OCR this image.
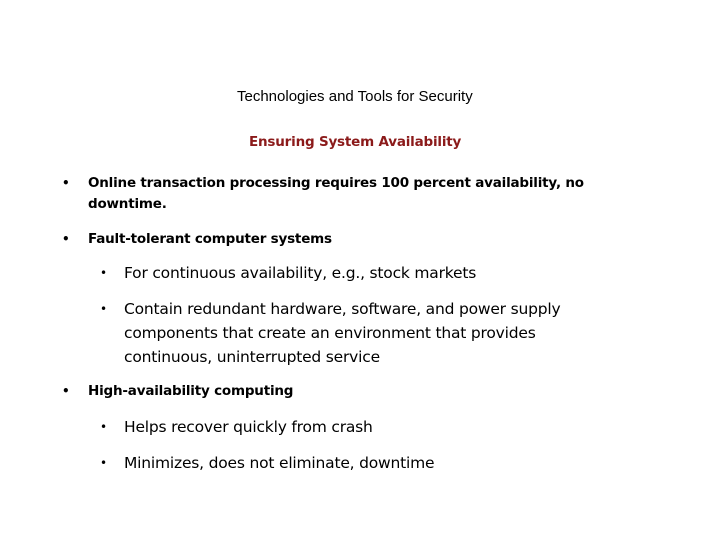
Technologies and Tools for Security
Ensuring System Availability
• Online transaction processing requires 100 percent availability, no downtime.
• Fault-tolerant computer systems
• For continuous availability, e.g., stock markets
• Contain redundant hardware, software, and power supply components that create an environment that provides continuous, uninterrupted service
• High-availability computing
• Helps recover quickly from crash
• Minimizes, does not eliminate, downtime
